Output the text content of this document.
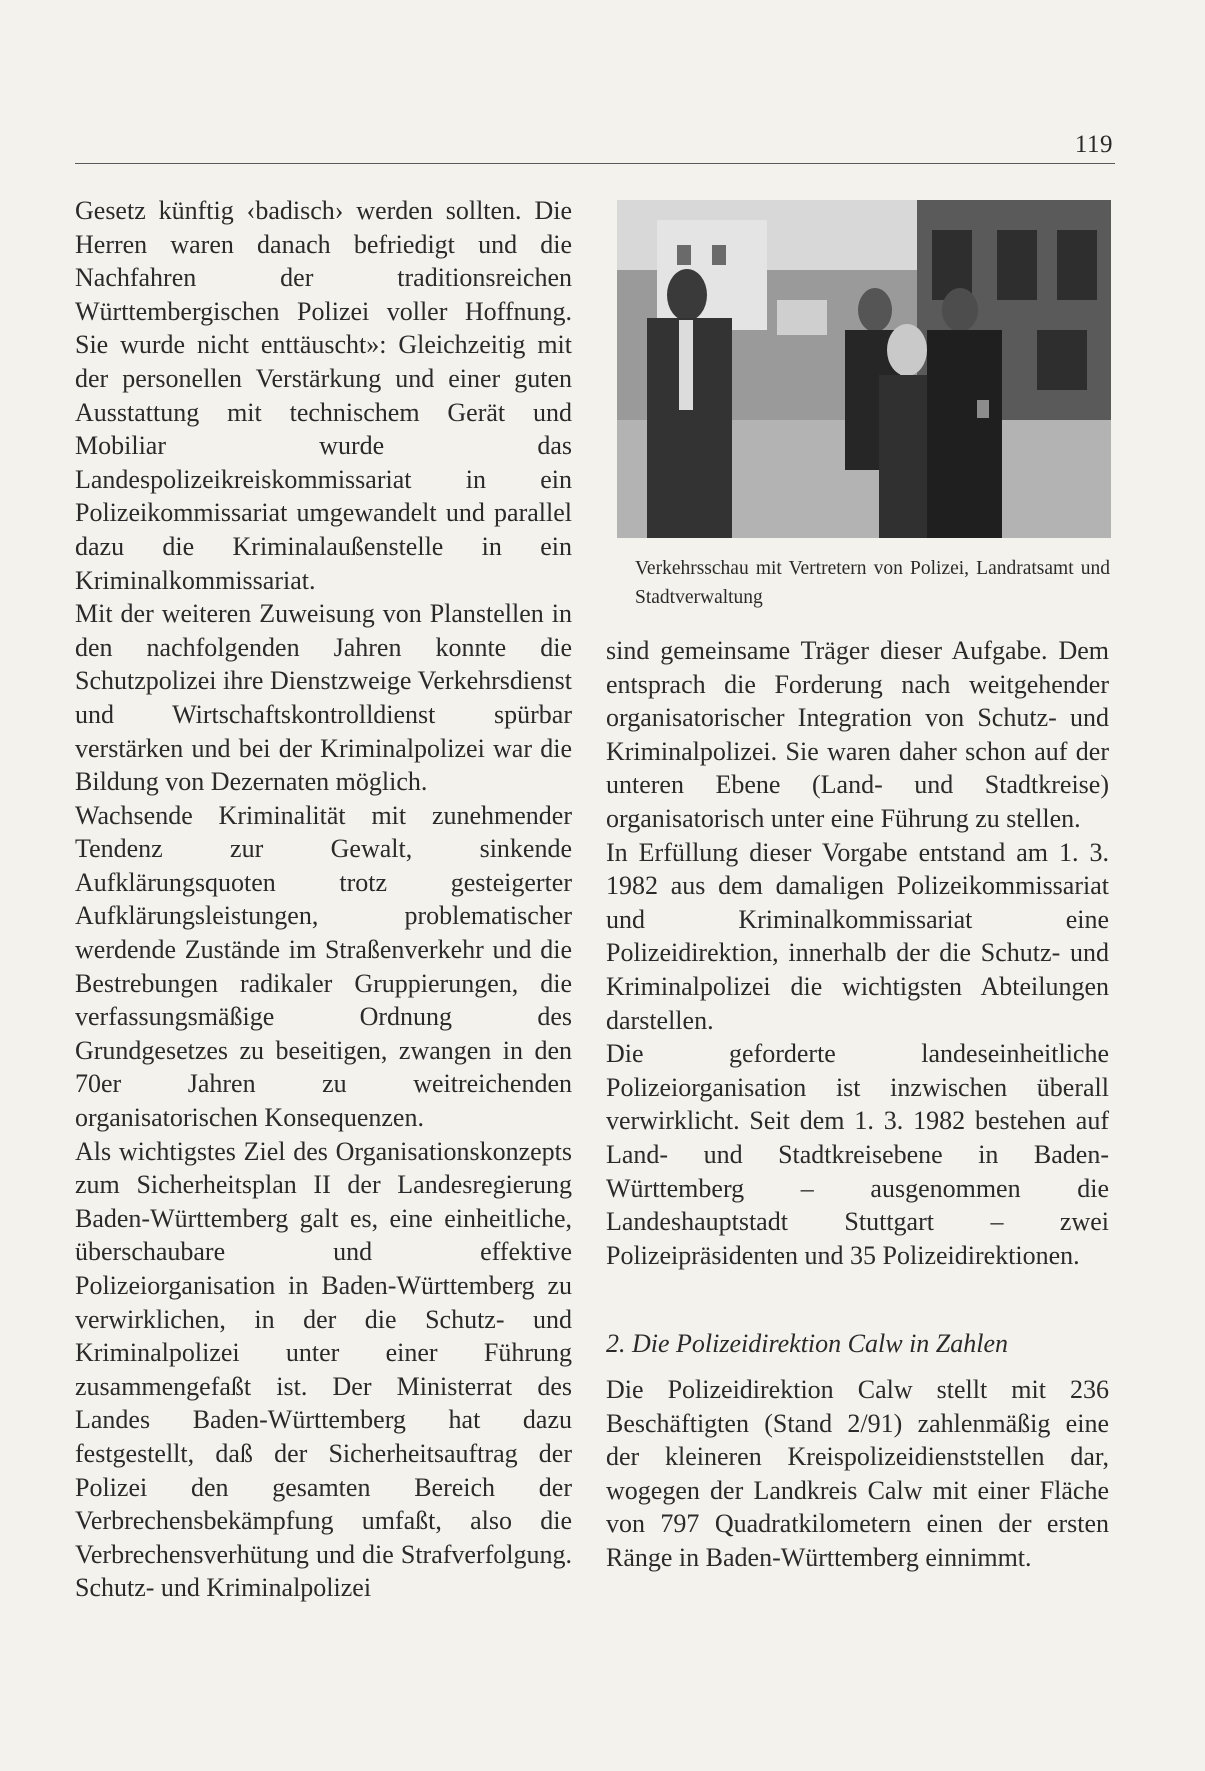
119

Gesetz künftig ‹badisch› werden sollten. Die Herren waren danach befriedigt und die Nachfahren der traditionsreichen Württembergischen Polizei voller Hoffnung. Sie wurde nicht enttäuscht»: Gleichzeitig mit der personellen Verstärkung und einer guten Ausstattung mit technischem Gerät und Mobiliar wurde das Landespolizeikreiskommissariat in ein Polizeikommissariat umgewandelt und parallel dazu die Kriminalaußenstelle in ein Kriminalkommissariat.

Mit der weiteren Zuweisung von Planstellen in den nachfolgenden Jahren konnte die Schutzpolizei ihre Dienstzweige Verkehrsdienst und Wirtschaftskontrolldienst spürbar verstärken und bei der Kriminalpolizei war die Bildung von Dezernaten möglich.

Wachsende Kriminalität mit zunehmender Tendenz zur Gewalt, sinkende Aufklärungsquoten trotz gesteigerter Aufklärungsleistungen, problematischer werdende Zustände im Straßenverkehr und die Bestrebungen radikaler Gruppierungen, die verfassungsmäßige Ordnung des Grundgesetzes zu beseitigen, zwangen in den 70er Jahren zu weitreichenden organisatorischen Konsequenzen.

Als wichtigstes Ziel des Organisationskonzepts zum Sicherheitsplan II der Landesregierung Baden-Württemberg galt es, eine einheitliche, überschaubare und effektive Polizeiorganisation in Baden-Württemberg zu verwirklichen, in der die Schutz- und Kriminalpolizei unter einer Führung zusammengefaßt ist. Der Ministerrat des Landes Baden-Württemberg hat dazu festgestellt, daß der Sicherheitsauftrag der Polizei den gesamten Bereich der Verbrechensbekämpfung umfaßt, also die Verbrechensverhütung und die Strafverfolgung. Schutz- und Kriminalpolizei

Verkehrsschau mit Vertretern von Polizei, Landratsamt und Stadtverwaltung

sind gemeinsame Träger dieser Aufgabe. Dem entsprach die Forderung nach weitgehender organisatorischer Integration von Schutz- und Kriminalpolizei. Sie waren daher schon auf der unteren Ebene (Land- und Stadtkreise) organisatorisch unter eine Führung zu stellen.

In Erfüllung dieser Vorgabe entstand am 1. 3. 1982 aus dem damaligen Polizeikommissariat und Kriminalkommissariat eine Polizeidirektion, innerhalb der die Schutz- und Kriminalpolizei die wichtigsten Abteilungen darstellen.

Die geforderte landeseinheitliche Polizeiorganisation ist inzwischen überall verwirklicht. Seit dem 1. 3. 1982 bestehen auf Land- und Stadtkreisebene in Baden-Württemberg – ausgenommen die Landeshauptstadt Stuttgart – zwei Polizeipräsidenten und 35 Polizeidirektionen.

2. Die Polizeidirektion Calw in Zahlen

Die Polizeidirektion Calw stellt mit 236 Beschäftigten (Stand 2/91) zahlenmäßig eine der kleineren Kreispolizeidienststellen dar, wogegen der Landkreis Calw mit einer Fläche von 797 Quadratkilometern einen der ersten Ränge in Baden-Württemberg einnimmt.
